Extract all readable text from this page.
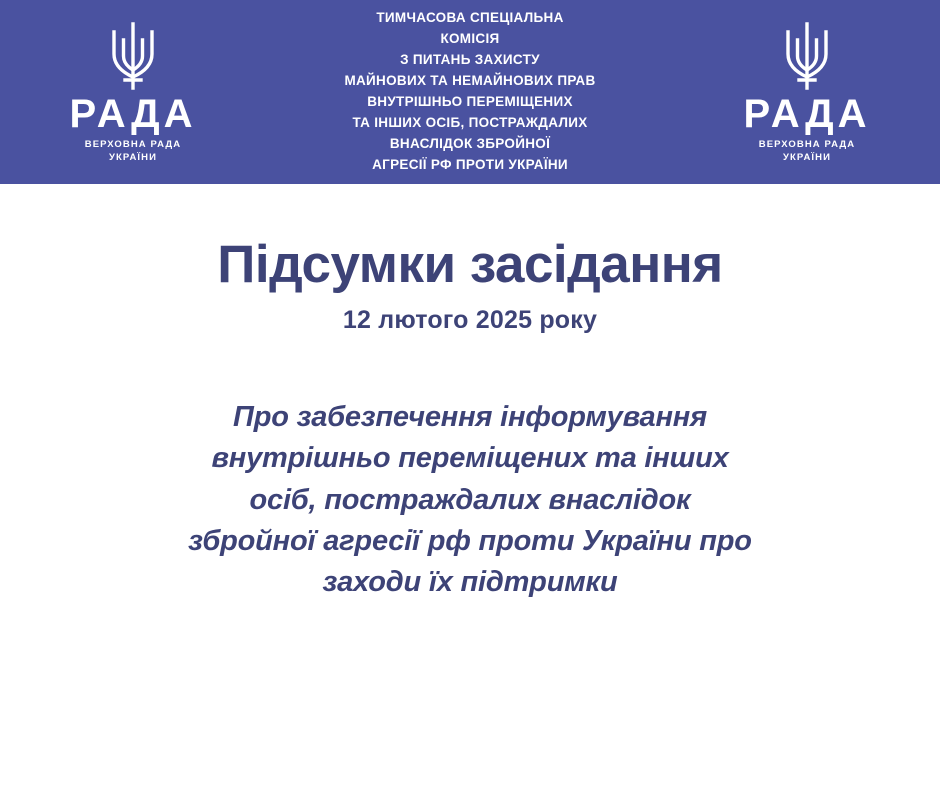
РАДА
ВЕРХОВНА РАДА
УКРАЇНИ
ТИМЧАСОВА СПЕЦІАЛЬНА
КОМІСІЯ
З ПИТАНЬ ЗАХИСТУ
МАЙНОВИХ ТА НЕМАЙНОВИХ ПРАВ
ВНУТРІШНЬО ПЕРЕМІЩЕНИХ
ТА ІНШИХ ОСІБ, ПОСТРАЖДАЛИХ
ВНАСЛІДОК ЗБРОЙНОЇ
АГРЕСІЇ РФ ПРОТИ УКРАЇНИ
РАДА
ВЕРХОВНА РАДА
УКРАЇНИ
Підсумки засідання
12 лютого 2025 року
Про забезпечення інформування
внутрішньо переміщених та інших
осіб, постраждалих внаслідок
збройної агресії рф проти України про
заходи їх підтримки
